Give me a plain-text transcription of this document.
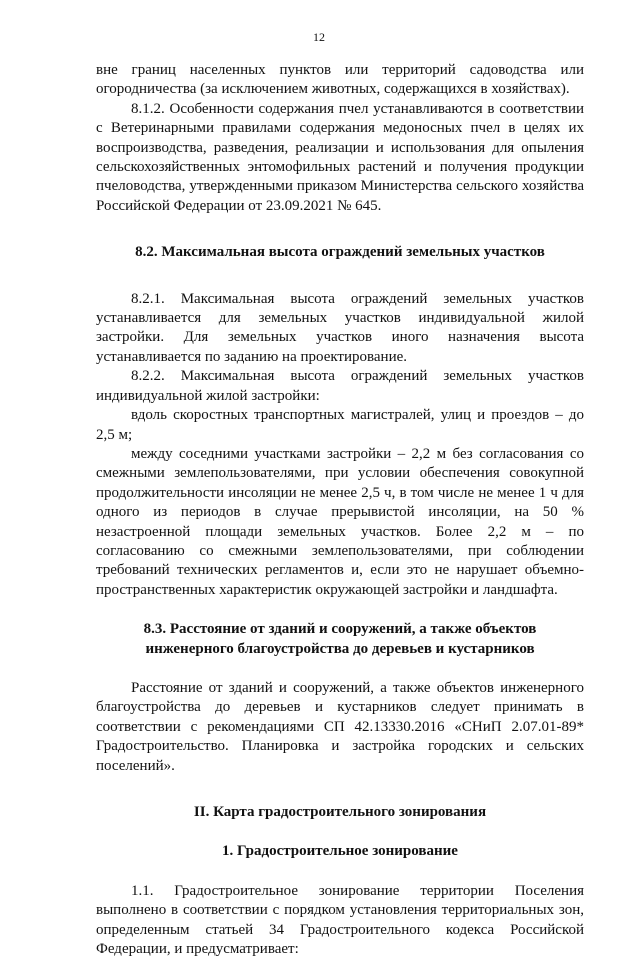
12

вне границ населенных пунктов или территорий садоводства или огородничества (за исключением животных, содержащихся в хозяйствах).

8.1.2. Особенности содержания пчел устанавливаются в соответствии с Ветеринарными правилами содержания медоносных пчел в целях их воспроизводства, разведения, реализации и использования для опыления сельскохозяйственных энтомофильных растений и получения продукции пчеловодства, утвержденными приказом Министерства сельского хозяйства Российской Федерации от 23.09.2021 № 645.

8.2. Максимальная высота ограждений земельных участков

8.2.1. Максимальная высота ограждений земельных участков устанавливается для земельных участков индивидуальной жилой застройки. Для земельных участков иного назначения высота устанавливается по заданию на проектирование.

8.2.2. Максимальная высота ограждений земельных участков индивидуальной жилой застройки:

вдоль скоростных транспортных магистралей, улиц и проездов – до 2,5 м;

между соседними участками застройки – 2,2 м без согласования со смежными землепользователями, при условии обеспечения совокупной продолжительности инсоляции не менее 2,5 ч, в том числе не менее 1 ч для одного из периодов в случае прерывистой инсоляции, на 50 % незастроенной площади земельных участков. Более 2,2 м – по согласованию со смежными землепользователями, при соблюдении требований технических регламентов и, если это не нарушает объемно-пространственных характеристик окружающей застройки и ландшафта.

8.3. Расстояние от зданий и сооружений, а также объектов инженерного благоустройства до деревьев и кустарников

Расстояние от зданий и сооружений, а также объектов инженерного благоустройства до деревьев и кустарников следует принимать в соответствии с рекомендациями СП 42.13330.2016 «СНиП 2.07.01-89* Градостроительство. Планировка и застройка городских и сельских поселений».

II. Карта градостроительного зонирования
1. Градостроительное зонирование

1.1. Градостроительное зонирование территории Поселения выполнено в соответствии с порядком установления территориальных зон, определенным статьей 34 Градостроительного кодекса Российской Федерации, и предусматривает:
